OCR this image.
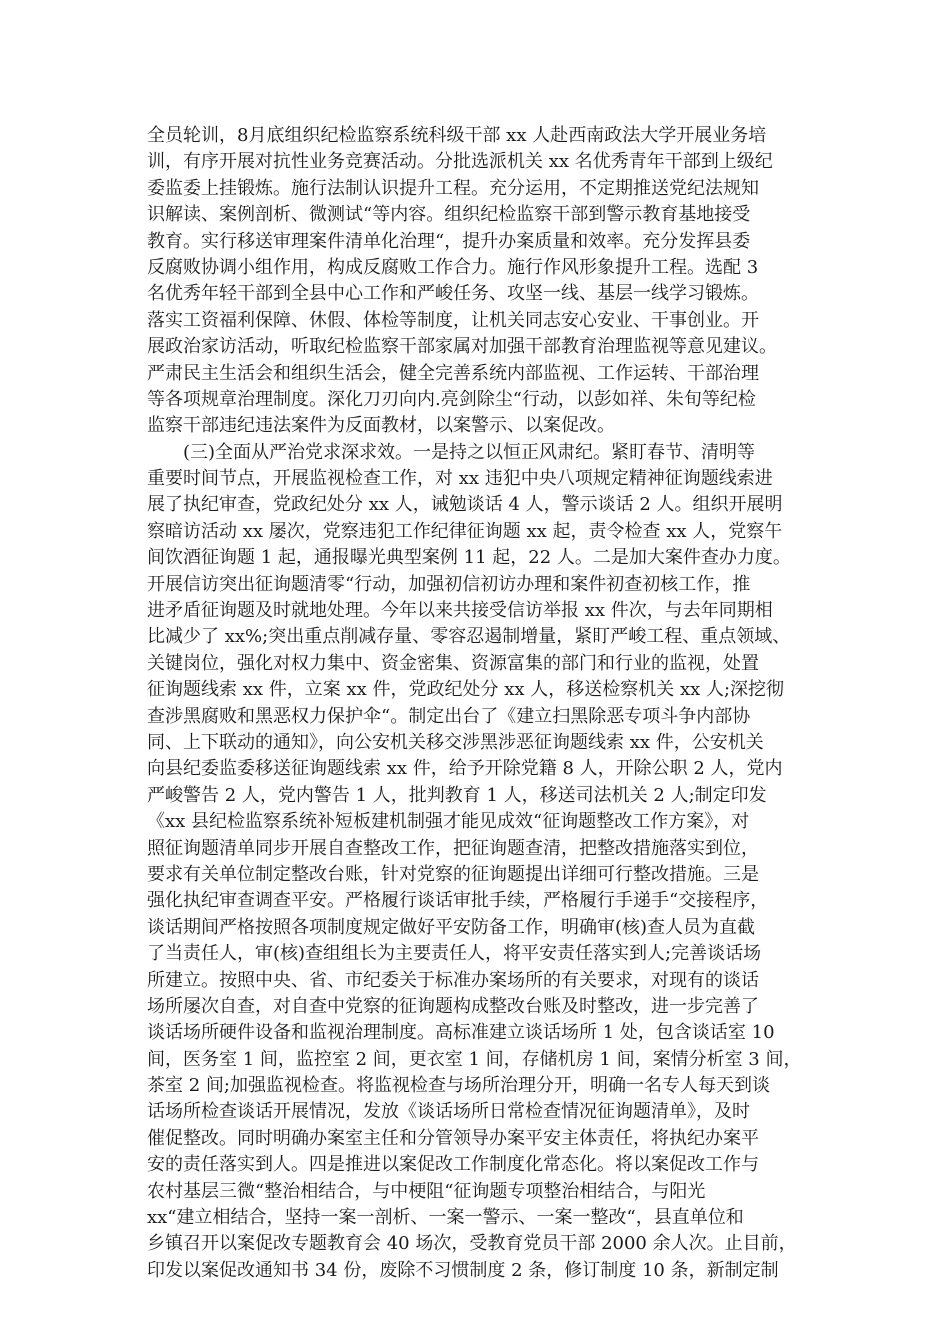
全员轮训，8月底组织纪检监察系统科级干部 xx 人赴西南政法大学开展业务培
训，有序开展对抗性业务竞赛活动。分批选派机关 xx 名优秀青年干部到上级纪
委监委上挂锻炼。施行法制认识提升工程。充分运用，不定期推送党纪法规知
识解读、案例剖析、微测试“等内容。组织纪检监察干部到警示教育基地接受
教育。实行移送审理案件清单化治理“，提升办案质量和效率。充分发挥县委
反腐败协调小组作用，构成反腐败工作合力。施行作风形象提升工程。选配 3
名优秀年轻干部到全县中心工作和严峻任务、攻坚一线、基层一线学习锻炼。
落实工资福利保障、休假、体检等制度，让机关同志安心安业、干事创业。开
展政治家访活动，听取纪检监察干部家属对加强干部教育治理监视等意见建议。
严肃民主生活会和组织生活会，健全完善系统内部监视、工作运转、干部治理
等各项规章治理制度。深化刀刃向内.亮剑除尘“行动，以彭如祥、朱旬等纪检
监察干部违纪违法案件为反面教材，以案警示、以案促改。
　　(三)全面从严治党求深求效。一是持之以恒正风肃纪。紧盯春节、清明等
重要时间节点，开展监视检查工作，对 xx 违犯中央八项规定精神征询题线索进
展了执纪审查，党政纪处分 xx 人，诫勉谈话 4 人，警示谈话 2 人。组织开展明
察暗访活动 xx 屡次，党察违犯工作纪律征询题 xx 起，责令检查 xx 人，党察午
间饮酒征询题 1 起，通报曝光典型案例 11 起，22 人。二是加大案件查办力度。
开展信访突出征询题清零“行动，加强初信初访办理和案件初查初核工作，推
进矛盾征询题及时就地处理。今年以来共接受信访举报 xx 件次，与去年同期相
比减少了 xx%;突出重点削减存量、零容忍遏制增量，紧盯严峻工程、重点领域、
关键岗位，强化对权力集中、资金密集、资源富集的部门和行业的监视，处置
征询题线索 xx 件，立案 xx 件，党政纪处分 xx 人，移送检察机关 xx 人;深挖彻
查涉黑腐败和黑恶权力保护伞“。制定出台了《建立扫黑除恶专项斗争内部协
同、上下联动的通知》，向公安机关移交涉黑涉恶征询题线索 xx 件，公安机关
向县纪委监委移送征询题线索 xx 件，给予开除党籍 8 人，开除公职 2 人，党内
严峻警告 2 人，党内警告 1 人，批判教育 1 人，移送司法机关 2 人;制定印发
《xx 县纪检监察系统补短板建机制强才能见成效“征询题整改工作方案》，对
照征询题清单同步开展自查整改工作，把征询题查清，把整改措施落实到位，
要求有关单位制定整改台账，针对党察的征询题提出详细可行整改措施。三是
强化执纪审查调查平安。严格履行谈话审批手续，严格履行手递手“交接程序，
谈话期间严格按照各项制度规定做好平安防备工作，明确审(核)查人员为直截
了当责任人，审(核)查组组长为主要责任人，将平安责任落实到人;完善谈话场
所建立。按照中央、省、市纪委关于标准办案场所的有关要求，对现有的谈话
场所屡次自查，对自查中党察的征询题构成整改台账及时整改，进一步完善了
谈话场所硬件设备和监视治理制度。高标准建立谈话场所 1 处，包含谈话室 10
间，医务室 1 间，监控室 2 间，更衣室 1 间，存储机房 1 间，案情分析室 3 间，
茶室 2 间;加强监视检查。将监视检查与场所治理分开，明确一名专人每天到谈
话场所检查谈话开展情况，发放《谈话场所日常检查情况征询题清单》，及时
催促整改。同时明确办案室主任和分管领导办案平安主体责任，将执纪办案平
安的责任落实到人。四是推进以案促改工作制度化常态化。将以案促改工作与
农村基层三微“整治相结合，与中梗阻“征询题专项整治相结合，与阳光
xx“建立相结合，坚持一案一剖析、一案一警示、一案一整改“，县直单位和
乡镇召开以案促改专题教育会 40 场次，受教育党员干部 2000 余人次。止目前，
印发以案促改通知书 34 份，废除不习惯制度 2 条，修订制度 10 条，新制定制
